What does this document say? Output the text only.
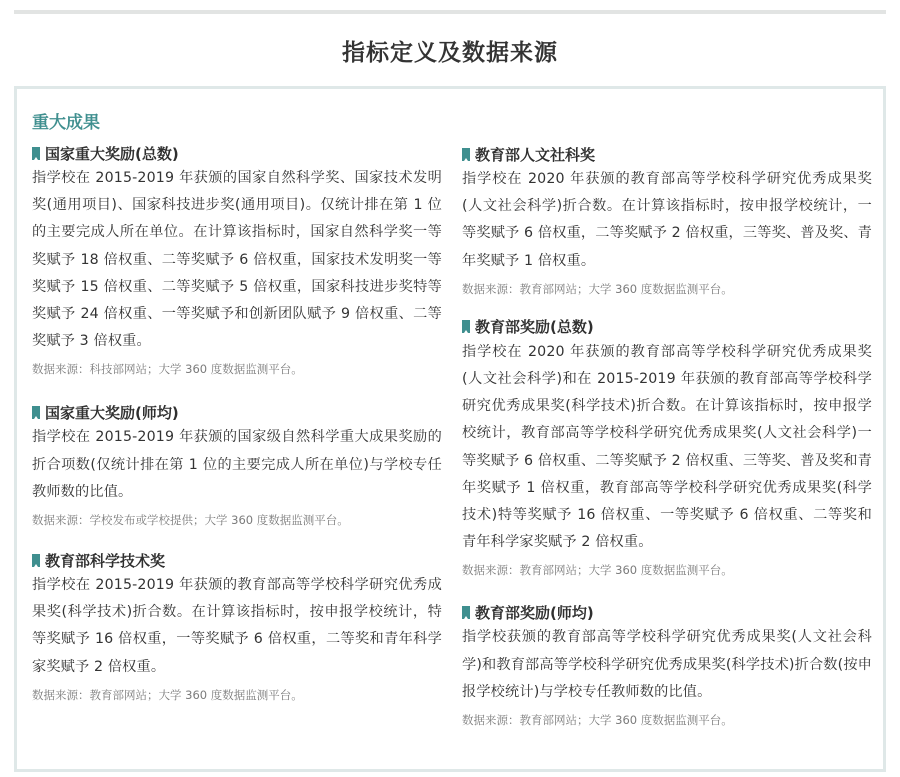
指标定义及数据来源
重大成果
国家重大奖励(总数)

指学校在 2015-2019 年获颁的国家自然科学奖、国家技术发明奖(通用项目)、国家科技进步奖(通用项目)。仅统计排在第 1 位的主要完成人所在单位。在计算该指标时，国家自然科学奖一等奖赋予 18 倍权重、二等奖赋予 6 倍权重，国家技术发明奖一等奖赋予 15 倍权重、二等奖赋予 5 倍权重，国家科技进步奖特等奖赋予 24 倍权重、一等奖赋予和创新团队赋予 9 倍权重、二等奖赋予 3 倍权重。

数据来源：科技部网站；大学 360 度数据监测平台。
国家重大奖励(师均)

指学校在 2015-2019 年获颁的国家级自然科学重大成果奖励的折合项数(仅统计排在第 1 位的主要完成人所在单位)与学校专任教师数的比值。

数据来源：学校发布或学校提供；大学 360 度数据监测平台。
教育部科学技术奖

指学校在 2015-2019 年获颁的教育部高等学校科学研究优秀成果奖(科学技术)折合数。在计算该指标时，按申报学校统计，特等奖赋予 16 倍权重，一等奖赋予 6 倍权重，二等奖和青年科学家奖赋予 2 倍权重。

数据来源：教育部网站；大学 360 度数据监测平台。
教育部人文社科奖

指学校在 2020 年获颁的教育部高等学校科学研究优秀成果奖(人文社会科学)折合数。在计算该指标时，按申报学校统计，一等奖赋予 6 倍权重，二等奖赋予 2 倍权重，三等奖、普及奖、青年奖赋予 1 倍权重。

数据来源：教育部网站；大学 360 度数据监测平台。
教育部奖励(总数)

指学校在 2020 年获颁的教育部高等学校科学研究优秀成果奖(人文社会科学)和在 2015-2019 年获颁的教育部高等学校科学研究优秀成果奖(科学技术)折合数。在计算该指标时，按申报学校统计，教育部高等学校科学研究优秀成果奖(人文社会科学)一等奖赋予 6 倍权重、二等奖赋予 2 倍权重、三等奖、普及奖和青年奖赋予 1 倍权重，教育部高等学校科学研究优秀成果奖(科学技术)特等奖赋予 16 倍权重、一等奖赋予 6 倍权重、二等奖和青年科学家奖赋予 2 倍权重。

数据来源：教育部网站；大学 360 度数据监测平台。
教育部奖励(师均)

指学校获颁的教育部高等学校科学研究优秀成果奖(人文社会科学)和教育部高等学校科学研究优秀成果奖(科学技术)折合数(按申报学校统计)与学校专任教师数的比值。

数据来源：教育部网站；大学 360 度数据监测平台。
